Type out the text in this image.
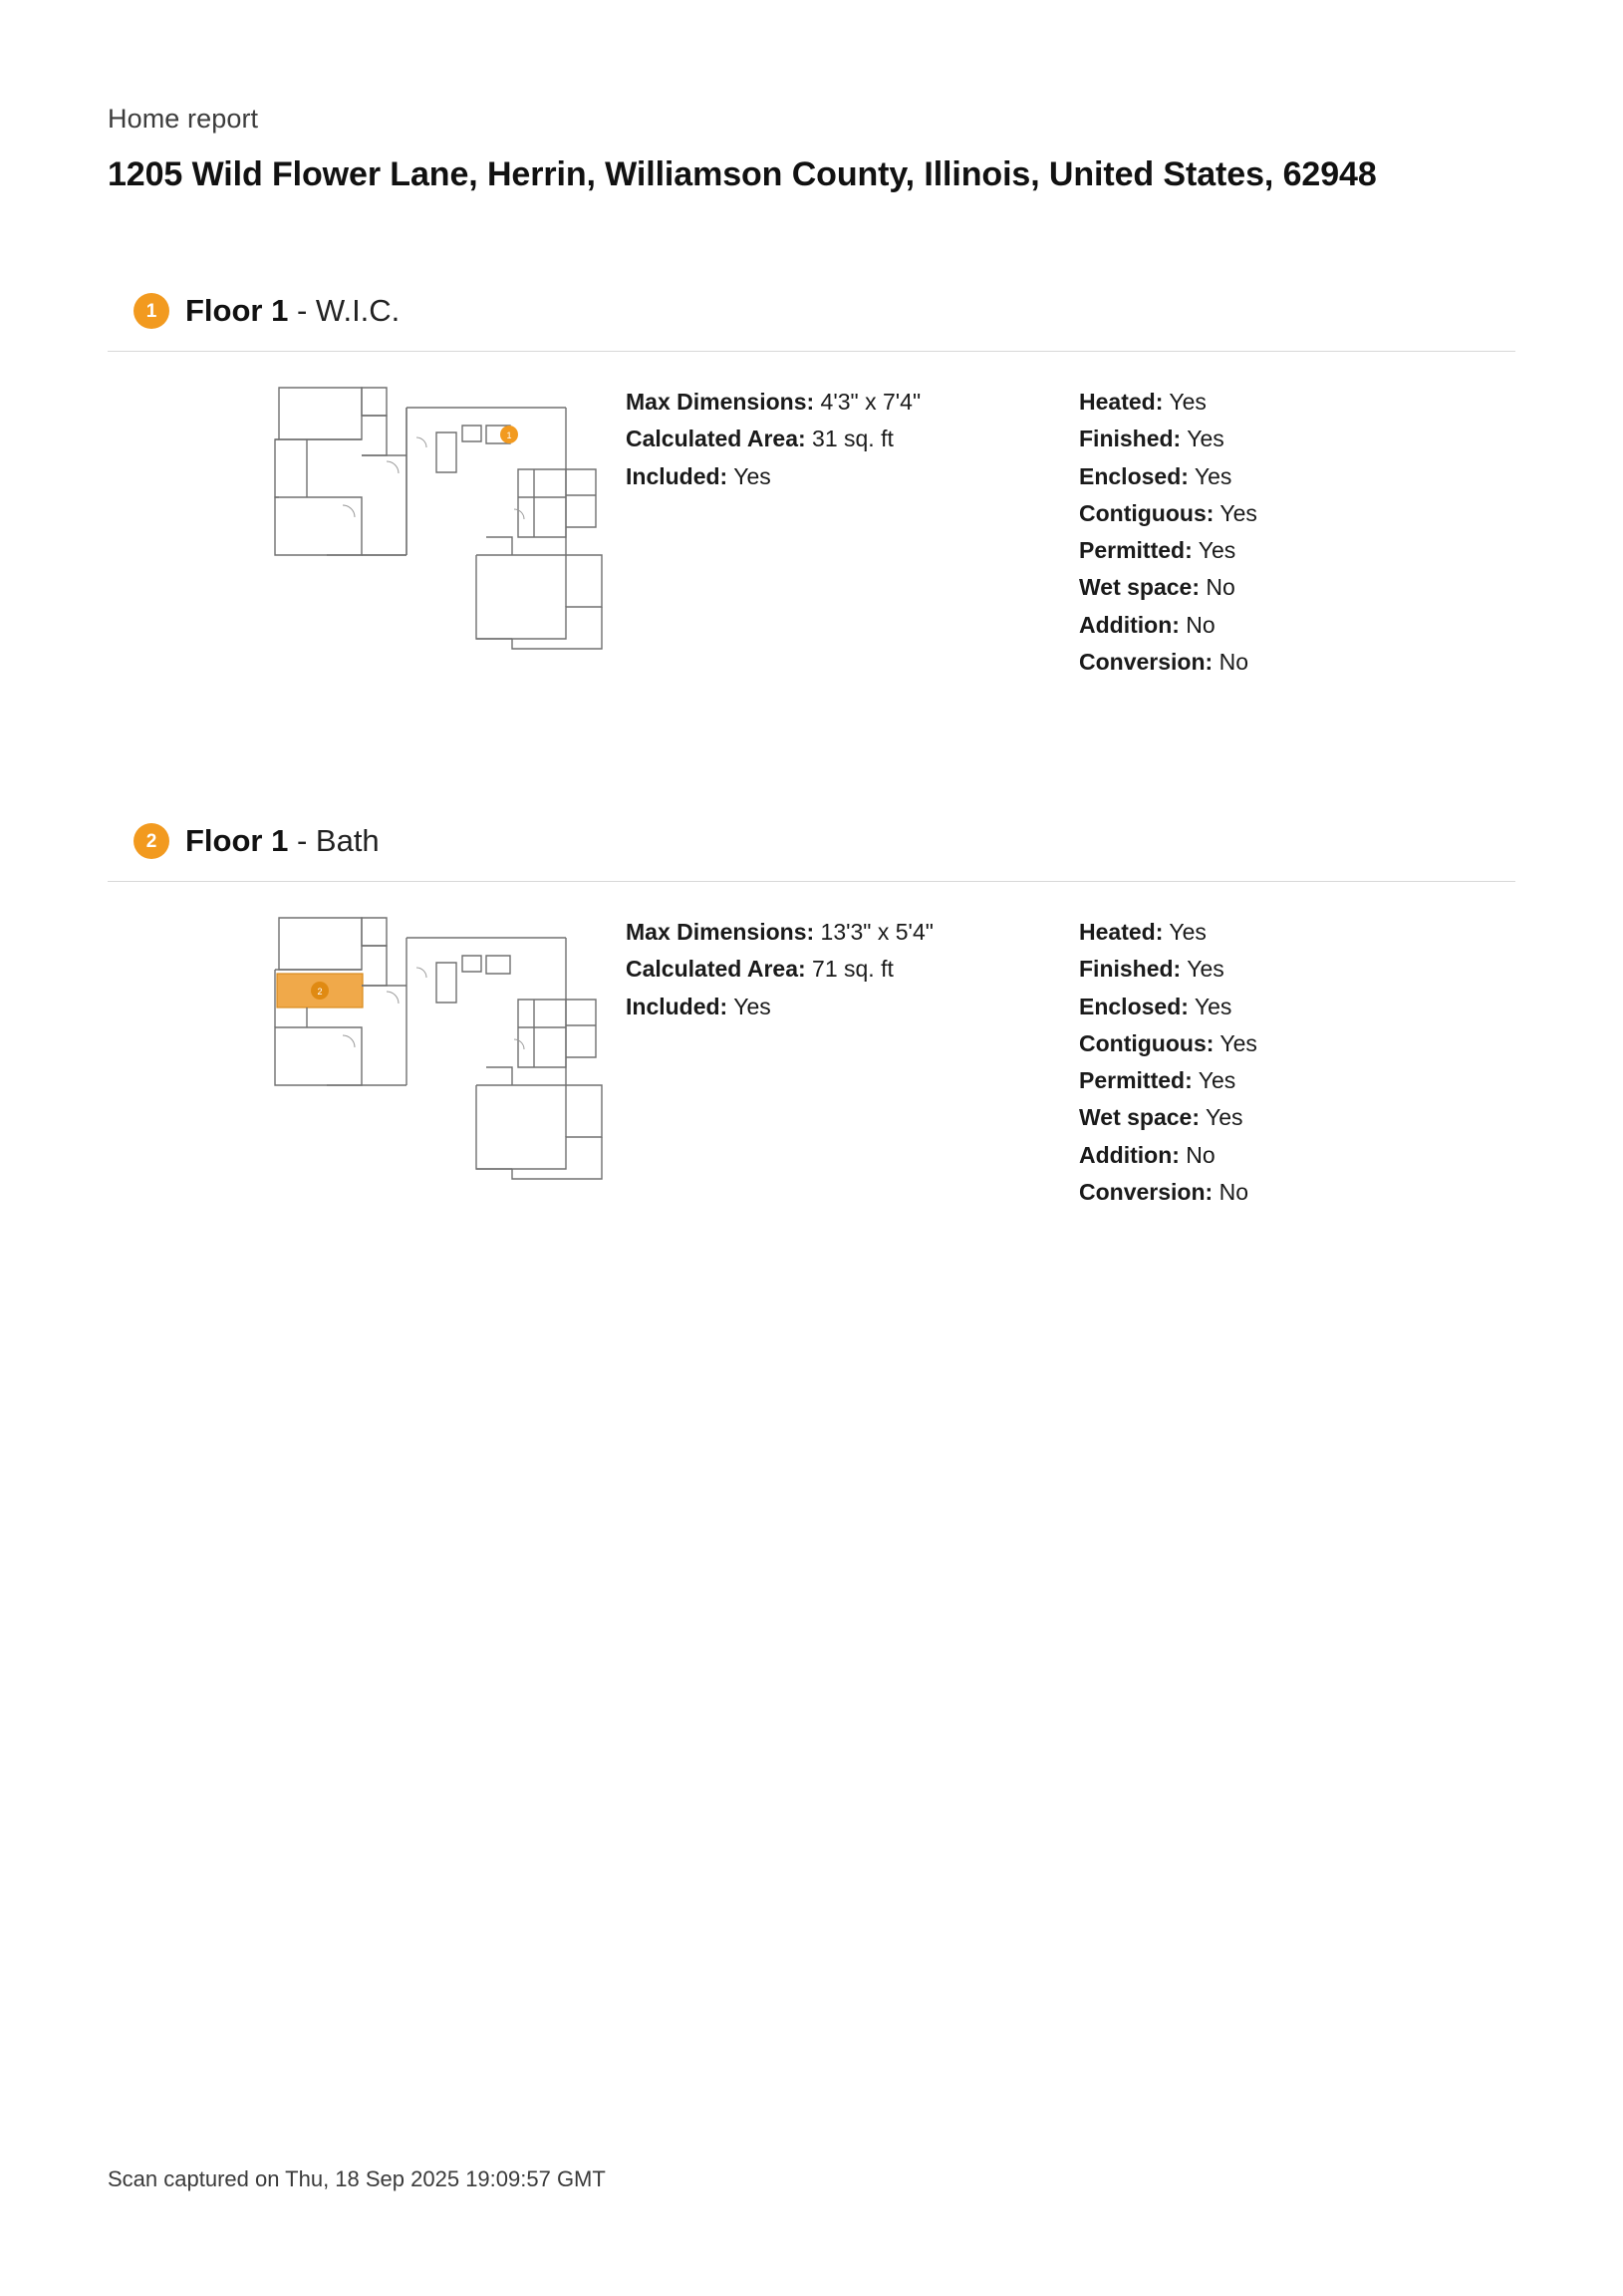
Home report
1205 Wild Flower Lane, Herrin, Williamson County, Illinois, United States, 62948
1 Floor 1 - W.I.C.
1
Max Dimensions: 4'3" x 7'4"
Calculated Area: 31 sq. ft
Included: Yes
Heated: Yes
Finished: Yes
Enclosed: Yes
Contiguous: Yes
Permitted: Yes
Wet space: No
Addition: No
Conversion: No
2 Floor 1 - Bath
2
Max Dimensions: 13'3" x 5'4"
Calculated Area: 71 sq. ft
Included: Yes
Heated: Yes
Finished: Yes
Enclosed: Yes
Contiguous: Yes
Permitted: Yes
Wet space: Yes
Addition: No
Conversion: No
Scan captured on Thu, 18 Sep 2025 19:09:57 GMT
